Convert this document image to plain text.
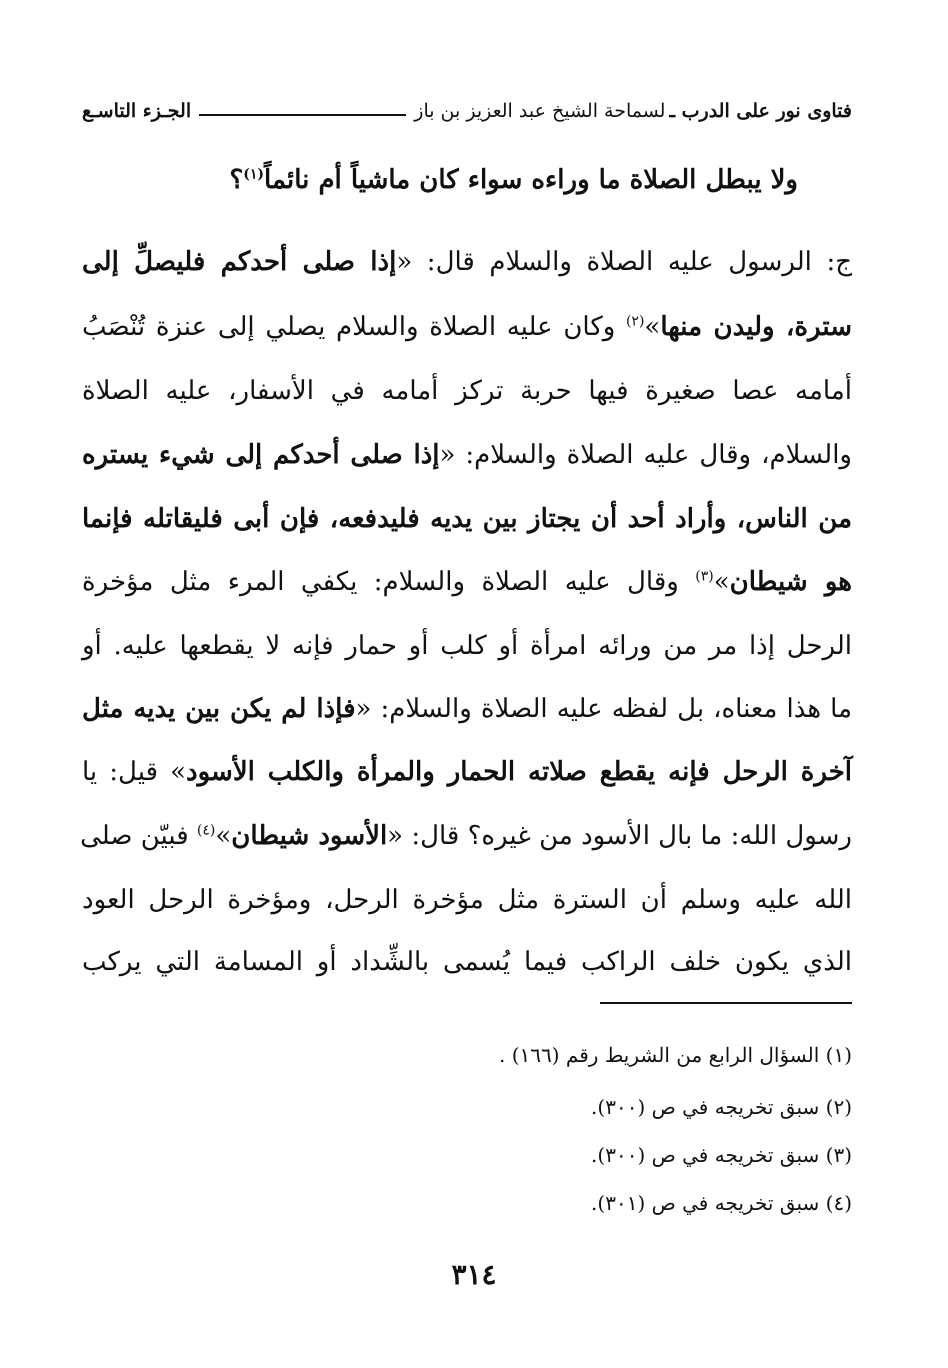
فتاوى نور على الدرب ـ
لسماحة الشيخ عبد العزيز بن باز
الجـزء التاسـع
ولا يبطل الصلاة ما وراءه سواء كان ماشياً أم نائماً$^{(١)}$؟
ج: الرسول عليه الصلاة والسلام قال: «إذا صلى أحدكم فليصلِّ إلى
سترة، وليدن منها»$^{(٢)}$ وكان عليه الصلاة والسلام يصلي إلى عنزة تُنْصَبُ
أمامه عصا صغيرة فيها حربة تركز أمامه في الأسفار، عليه الصلاة
والسلام، وقال عليه الصلاة والسلام: «إذا صلى أحدكم إلى شيء يستره
من الناس، وأراد أحد أن يجتاز بين يديه فليدفعه، فإن أبى فليقاتله فإنما
هو شيطان»$^{(٣)}$ وقال عليه الصلاة والسلام: يكفي المرء مثل مؤخرة
الرحل إذا مر من ورائه امرأة أو كلب أو حمار فإنه لا يقطعها عليه. أو
ما هذا معناه، بل لفظه عليه الصلاة والسلام: «فإذا لم يكن بين يديه مثل
آخرة الرحل فإنه يقطع صلاته الحمار والمرأة والكلب الأسود» قيل: يا
رسول الله: ما بال الأسود من غيره؟ قال: «الأسود شيطان»$^{(٤)}$ فبيّن صلى
الله عليه وسلم أن السترة مثل مؤخرة الرحل، ومؤخرة الرحل العود
الذي يكون خلف الراكب فيما يُسمى بالشِّداد أو المسامة التي يركب
(١) السؤال الرابع من الشريط رقم (١٦٦) .
(٢) سبق تخريجه في ص (٣٠٠).
(٣) سبق تخريجه في ص (٣٠٠).
(٤) سبق تخريجه في ص (٣٠١).
٣١٤
